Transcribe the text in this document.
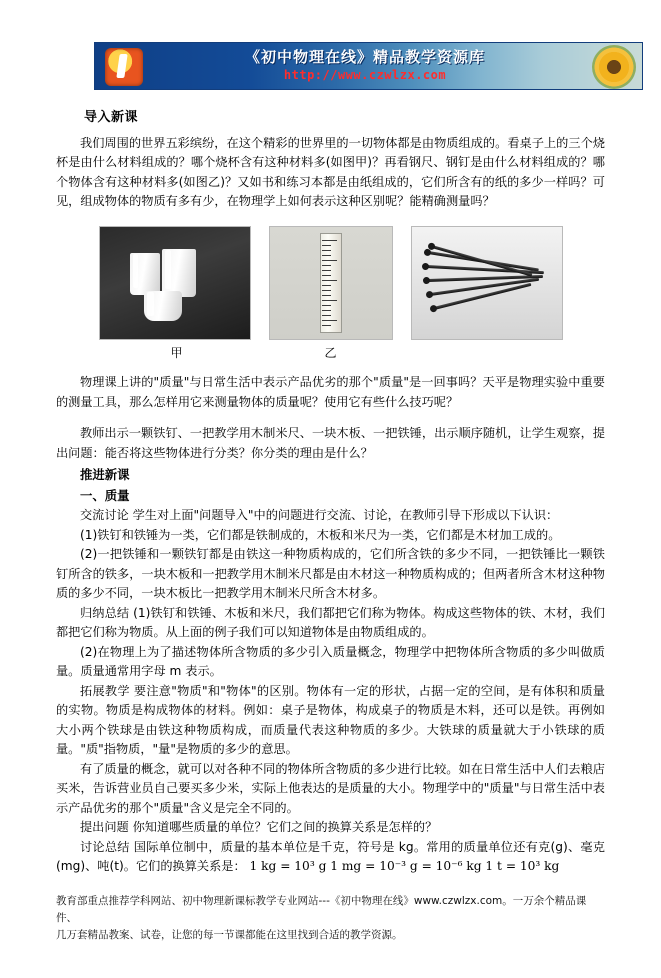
《初中物理在线》精品教学资源库
http://www.czwlzx.com
导入新课

我们周围的世界五彩缤纷，在这个精彩的世界里的一切物体都是由物质组成的。看桌子上的三个烧杯是由什么材料组成的？哪个烧杯含有这种材料多(如图甲)？再看钢尺、钢钉是由什么材料组成的？哪个物体含有这种材料多(如图乙)？又如书和练习本都是由纸组成的，它们所含有的纸的多少一样吗？可见，组成物体的物质有多有少，在物理学上如何表示这种区别呢？能精确测量吗？

甲	乙

物理课上讲的"质量"与日常生活中表示产品优劣的那个"质量"是一回事吗？天平是物理实验中重要的测量工具，那么怎样用它来测量物体的质量呢？使用它有些什么技巧呢？

教师出示一颗铁钉、一把教学用木制米尺、一块木板、一把铁锤，出示顺序随机，让学生观察，提出问题：能否将这些物体进行分类？你分类的理由是什么？

推进新课
一、质量

交流讨论 学生对上面"问题导入"中的问题进行交流、讨论，在教师引导下形成以下认识：

(1)铁钉和铁锤为一类，它们都是铁制成的，木板和米尺为一类，它们都是木材加工成的。

(2)一把铁锤和一颗铁钉都是由铁这一种物质构成的，它们所含铁的多少不同，一把铁锤比一颗铁钉所含的铁多，一块木板和一把教学用木制米尺都是由木材这一种物质构成的；但两者所含木材这种物质的多少不同，一块木板比一把教学用木制米尺所含木材多。

归纳总结 (1)铁钉和铁锤、木板和米尺，我们都把它们称为物体。构成这些物体的铁、木材，我们都把它们称为物质。从上面的例子我们可以知道物体是由物质组成的。

(2)在物理上为了描述物体所含物质的多少引入质量概念，物理学中把物体所含物质的多少叫做质量。质量通常用字母 m 表示。

拓展教学 要注意"物质"和"物体"的区别。物体有一定的形状，占据一定的空间，是有体积和质量的实物。物质是构成物体的材料。例如：桌子是物体，构成桌子的物质是木料，还可以是铁。再例如 大小两个铁球是由铁这种物质构成，而质量代表这种物质的多少。大铁球的质量就大于小铁球的质量。"质"指物质，"量"是物质的多少的意思。

有了质量的概念，就可以对各种不同的物体所含物质的多少进行比较。如在日常生活中人们去粮店买米，告诉营业员自己要买多少米，实际上他表达的是质量的大小。物理学中的"质量"与日常生活中表示产品优劣的那个"质量"含义是完全不同的。

提出问题 你知道哪些质量的单位？它们之间的换算关系是怎样的？

讨论总结 国际单位制中，质量的基本单位是千克，符号是 kg。常用的质量单位还有克(g)、毫克(mg)、吨(t)。它们的换算关系是： 1 kg = 10³ g 1 mg = 10⁻³ g = 10⁻⁶ kg 1 t = 10³ kg

教育部重点推荐学科网站、初中物理新课标教学专业网站---《初中物理在线》www.czwlzx.com。一万余个精品课件、
几万套精品教案、试卷，让您的每一节课都能在这里找到合适的教学资源。
